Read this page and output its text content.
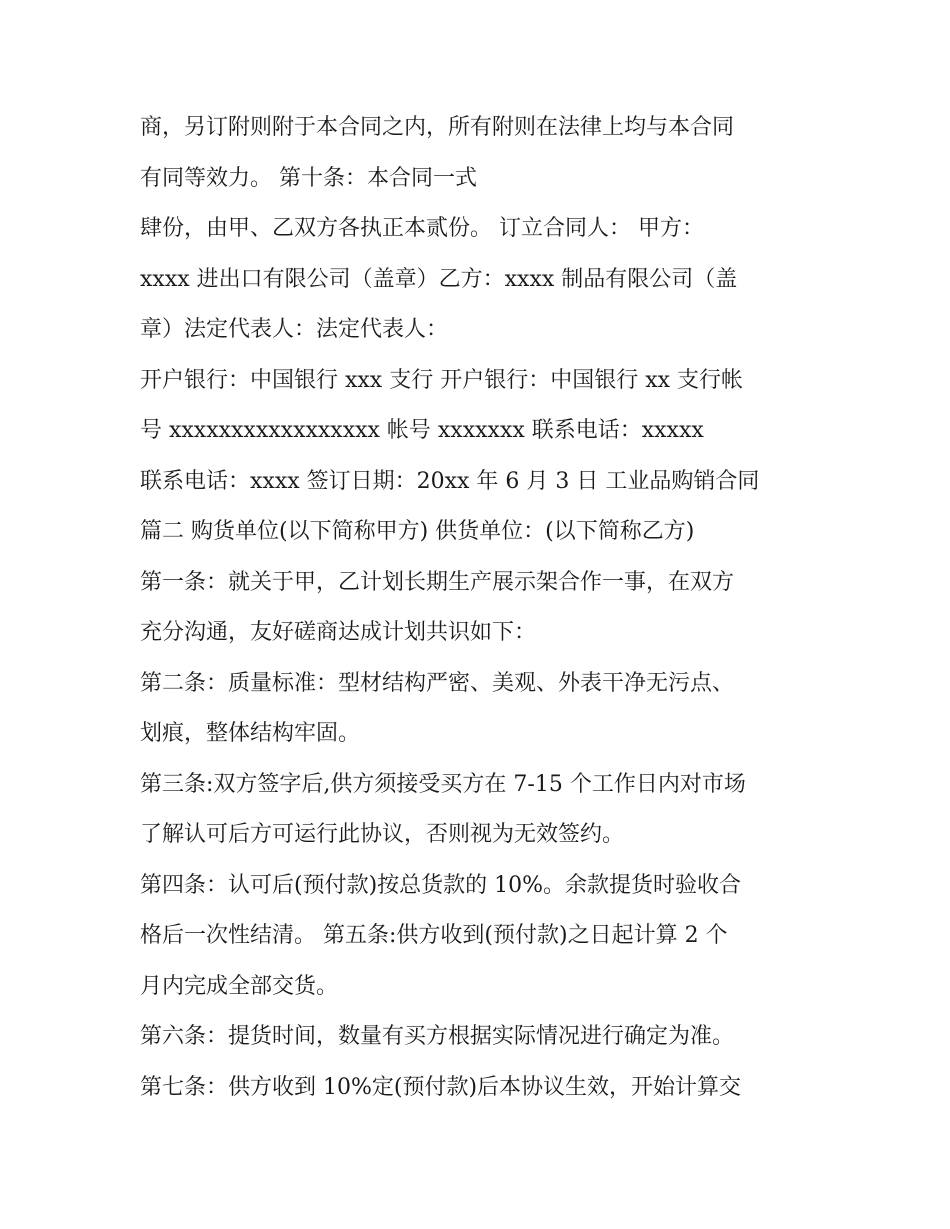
商，另订附则附于本合同之内，所有附则在法律上均与本合同
有同等效力。 第十条：本合同一式
肆份，由甲、乙双方各执正本贰份。 订立合同人： 甲方：
xxxx 进出口有限公司（盖章）乙方：xxxx 制品有限公司（盖
章）法定代表人：法定代表人：
开户银行：中国银行 xxx 支行 开户银行：中国银行 xx 支行帐
号 xxxxxxxxxxxxxxxxx 帐号 xxxxxxx 联系电话：xxxxx
联系电话：xxxx 签订日期：20xx 年 6 月 3 日 工业品购销合同
篇二 购货单位(以下简称甲方) 供货单位：(以下简称乙方)
第一条：就关于甲，乙计划长期生产展示架合作一事，在双方
充分沟通，友好磋商达成计划共识如下：
第二条：质量标准：型材结构严密、美观、外表干净无污点、
划痕，整体结构牢固。
第三条:双方签字后,供方须接受买方在 7-15 个工作日内对市场
了解认可后方可运行此协议，否则视为无效签约。
第四条：认可后(预付款)按总货款的 10%。余款提货时验收合
格后一次性结清。 第五条:供方收到(预付款)之日起计算 2 个
月内完成全部交货。
第六条：提货时间，数量有买方根据实际情况进行确定为准。
第七条：供方收到 10%定(预付款)后本协议生效，开始计算交
